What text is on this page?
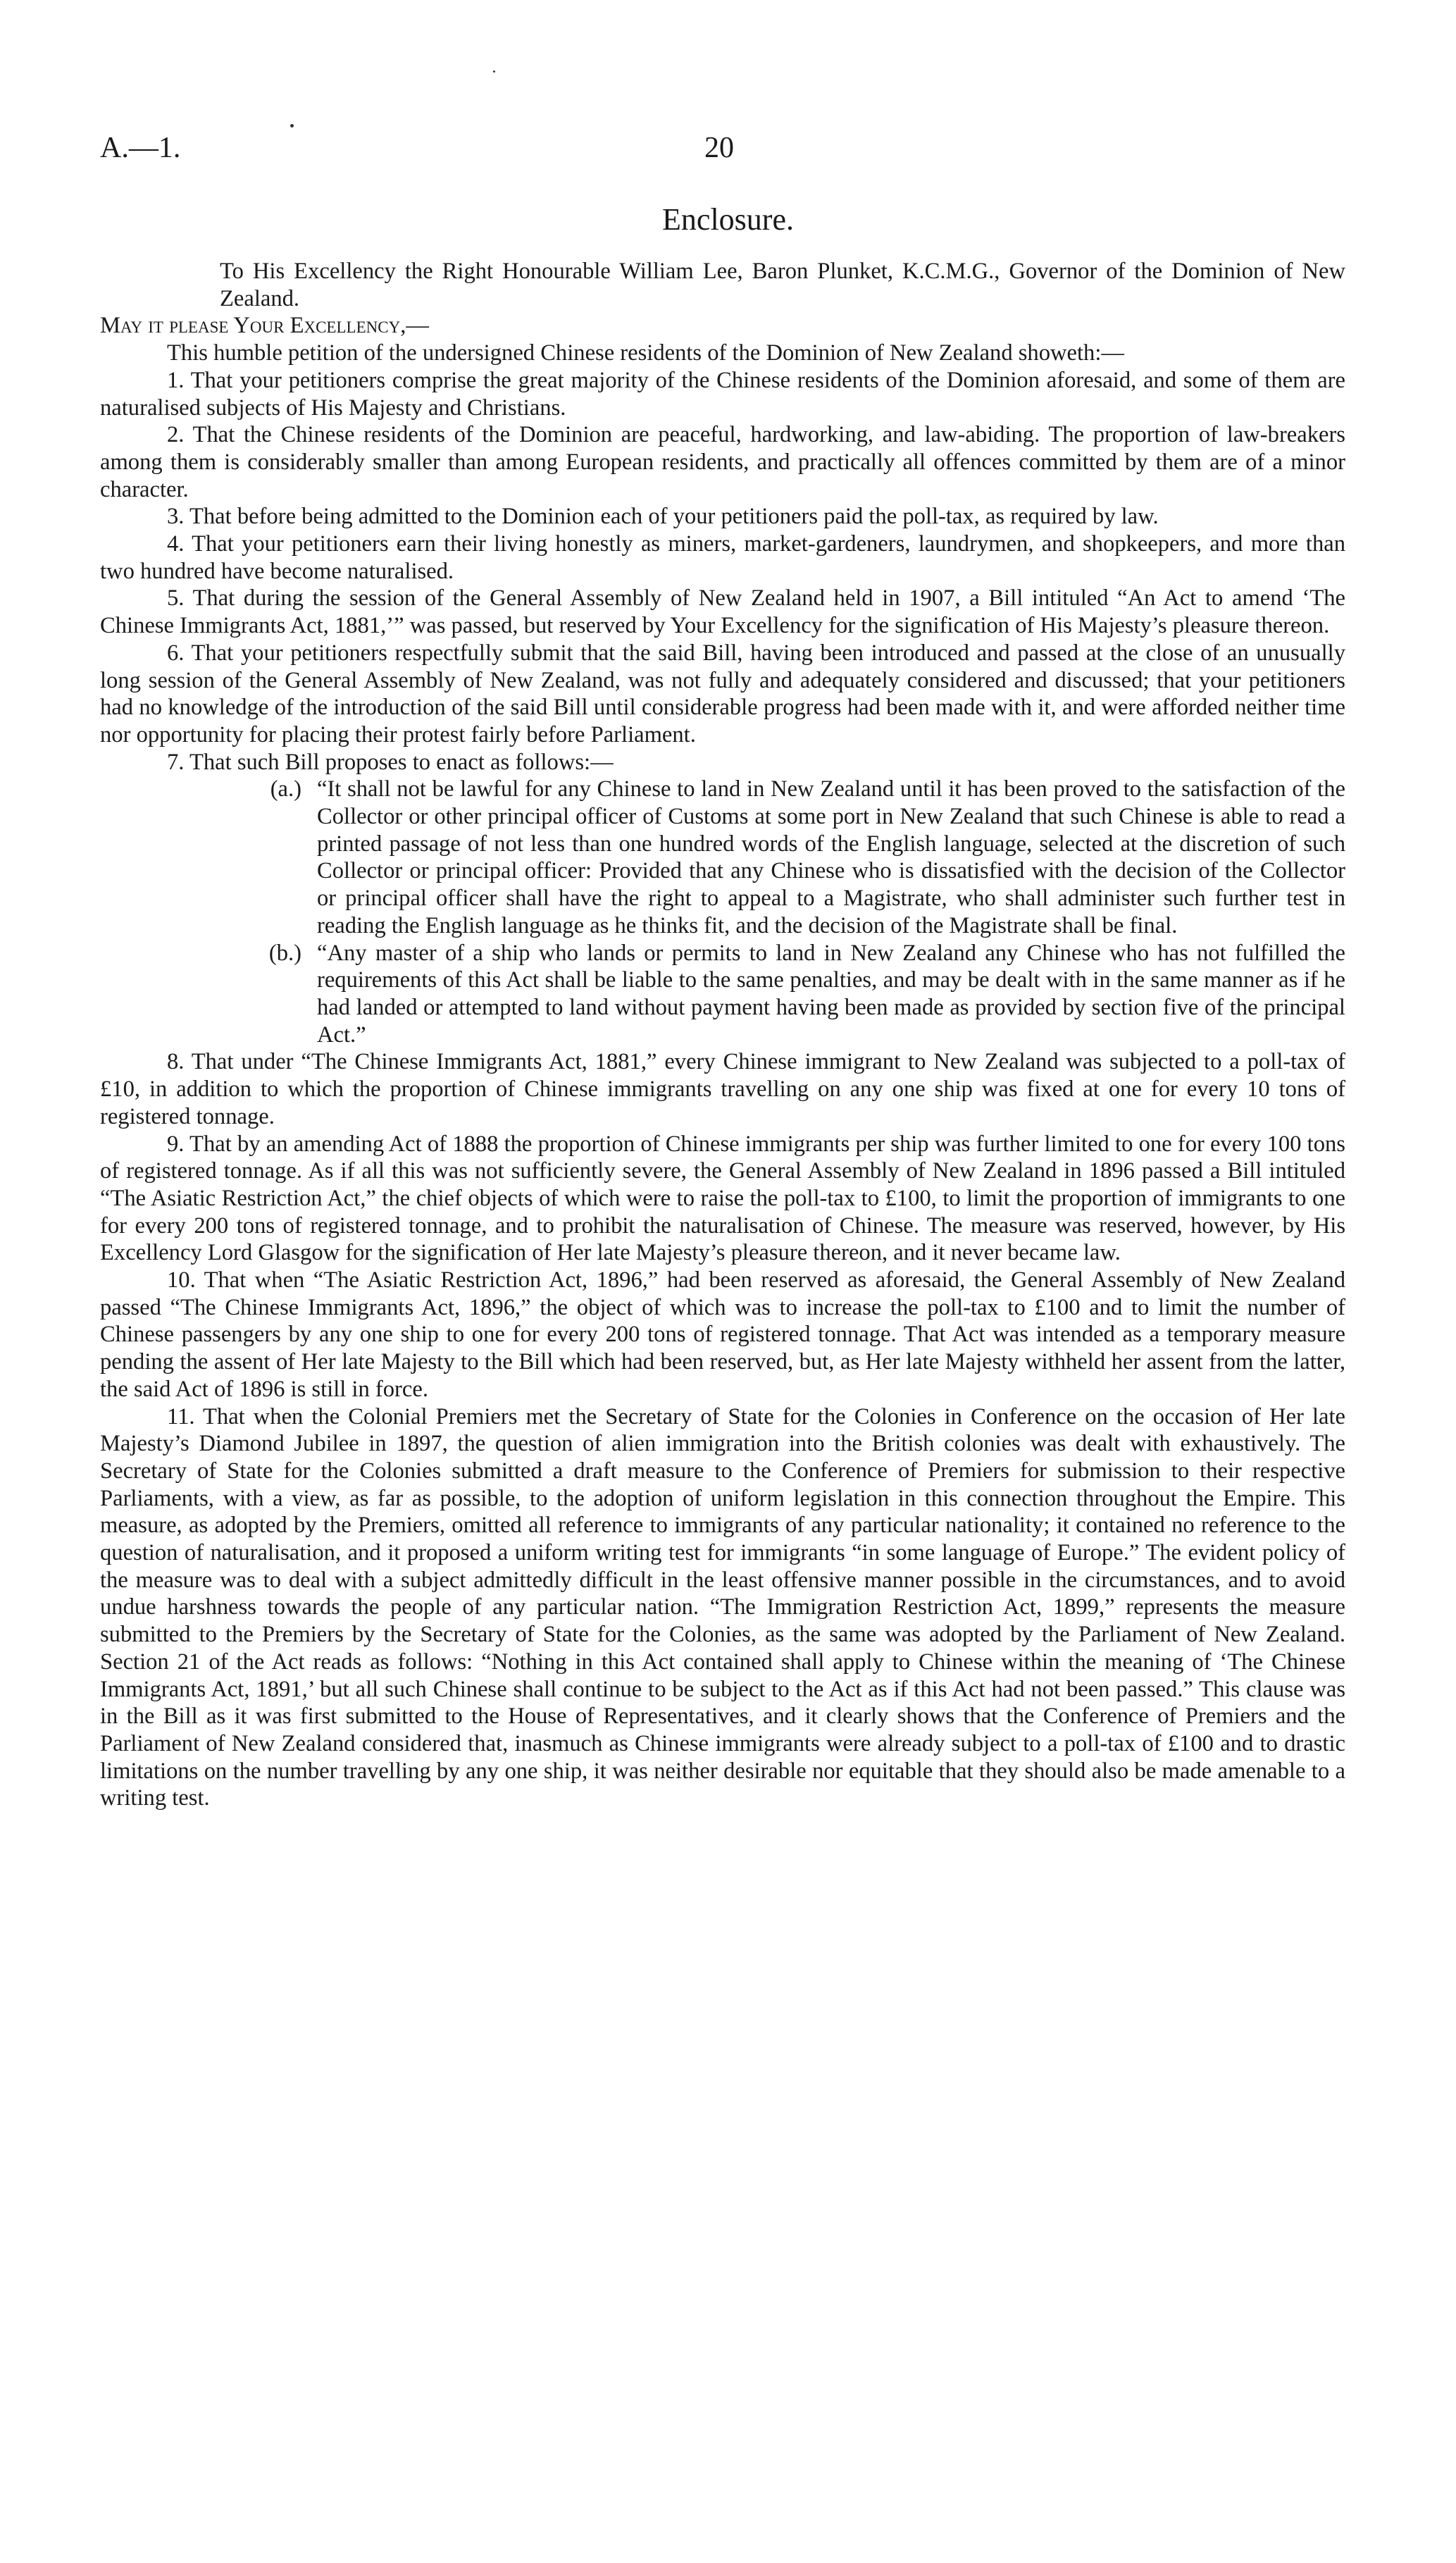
A.—1.	20
Enclosure.

To His Excellency the Right Honourable William Lee, Baron Plunket, K.C.M.G., Governor of the Dominion of New Zealand.

May it please Your Excellency,—

This humble petition of the undersigned Chinese residents of the Dominion of New Zealand showeth:—

1. That your petitioners comprise the great majority of the Chinese residents of the Dominion aforesaid, and some of them are naturalised subjects of His Majesty and Christians.

2. That the Chinese residents of the Dominion are peaceful, hardworking, and law-abiding. The proportion of law-breakers among them is considerably smaller than among European residents, and practically all offences committed by them are of a minor character.

3. That before being admitted to the Dominion each of your petitioners paid the poll-tax, as required by law.

4. That your petitioners earn their living honestly as miners, market-gardeners, laundrymen, and shopkeepers, and more than two hundred have become naturalised.

5. That during the session of the General Assembly of New Zealand held in 1907, a Bill intituled “An Act to amend ‘The Chinese Immigrants Act, 1881,’” was passed, but reserved by Your Excellency for the signification of His Majesty’s pleasure thereon.

6. That your petitioners respectfully submit that the said Bill, having been introduced and passed at the close of an unusually long session of the General Assembly of New Zealand, was not fully and adequately considered and discussed; that your petitioners had no knowledge of the introduction of the said Bill until considerable progress had been made with it, and were afforded neither time nor opportunity for placing their protest fairly before Parliament.

7. That such Bill proposes to enact as follows:—

(a.) “It shall not be lawful for any Chinese to land in New Zealand until it has been proved to the satisfaction of the Collector or other principal officer of Customs at some port in New Zealand that such Chinese is able to read a printed passage of not less than one hundred words of the English language, selected at the discretion of such Collector or principal officer: Provided that any Chinese who is dissatisfied with the decision of the Collector or principal officer shall have the right to appeal to a Magistrate, who shall administer such further test in reading the English language as he thinks fit, and the decision of the Magistrate shall be final.
(b.) “Any master of a ship who lands or permits to land in New Zealand any Chinese who has not fulfilled the requirements of this Act shall be liable to the same penalties, and may be dealt with in the same manner as if he had landed or attempted to land without payment having been made as provided by section five of the principal Act.”

8. That under “The Chinese Immigrants Act, 1881,” every Chinese immigrant to New Zealand was subjected to a poll-tax of £10, in addition to which the proportion of Chinese immigrants travelling on any one ship was fixed at one for every 10 tons of registered tonnage.

9. That by an amending Act of 1888 the proportion of Chinese immigrants per ship was further limited to one for every 100 tons of registered tonnage. As if all this was not sufficiently severe, the General Assembly of New Zealand in 1896 passed a Bill intituled “The Asiatic Restriction Act,” the chief objects of which were to raise the poll-tax to £100, to limit the proportion of immigrants to one for every 200 tons of registered tonnage, and to prohibit the naturalisation of Chinese. The measure was reserved, however, by His Excellency Lord Glasgow for the signification of Her late Majesty’s pleasure thereon, and it never became law.

10. That when “The Asiatic Restriction Act, 1896,” had been reserved as aforesaid, the General Assembly of New Zealand passed “The Chinese Immigrants Act, 1896,” the object of which was to increase the poll-tax to £100 and to limit the number of Chinese passengers by any one ship to one for every 200 tons of registered tonnage. That Act was intended as a temporary measure pending the assent of Her late Majesty to the Bill which had been reserved, but, as Her late Majesty withheld her assent from the latter, the said Act of 1896 is still in force.

11. That when the Colonial Premiers met the Secretary of State for the Colonies in Conference on the occasion of Her late Majesty’s Diamond Jubilee in 1897, the question of alien immigration into the British colonies was dealt with exhaustively. The Secretary of State for the Colonies submitted a draft measure to the Conference of Premiers for submission to their respective Parliaments, with a view, as far as possible, to the adoption of uniform legislation in this connection throughout the Empire. This measure, as adopted by the Premiers, omitted all reference to immigrants of any particular nationality; it contained no reference to the question of naturalisation, and it proposed a uniform writing test for immigrants “in some language of Europe.” The evident policy of the measure was to deal with a subject admittedly difficult in the least offensive manner possible in the circumstances, and to avoid undue harshness towards the people of any particular nation. “The Immigration Restriction Act, 1899,” represents the measure submitted to the Premiers by the Secretary of State for the Colonies, as the same was adopted by the Parliament of New Zealand. Section 21 of the Act reads as follows: “Nothing in this Act contained shall apply to Chinese within the meaning of ‘The Chinese Immigrants Act, 1891,’ but all such Chinese shall continue to be subject to the Act as if this Act had not been passed.” This clause was in the Bill as it was first submitted to the House of Representatives, and it clearly shows that the Conference of Premiers and the Parliament of New Zealand considered that, inasmuch as Chinese immigrants were already subject to a poll-tax of £100 and to drastic limitations on the number travelling by any one ship, it was neither desirable nor equitable that they should also be made amenable to a writing test.
